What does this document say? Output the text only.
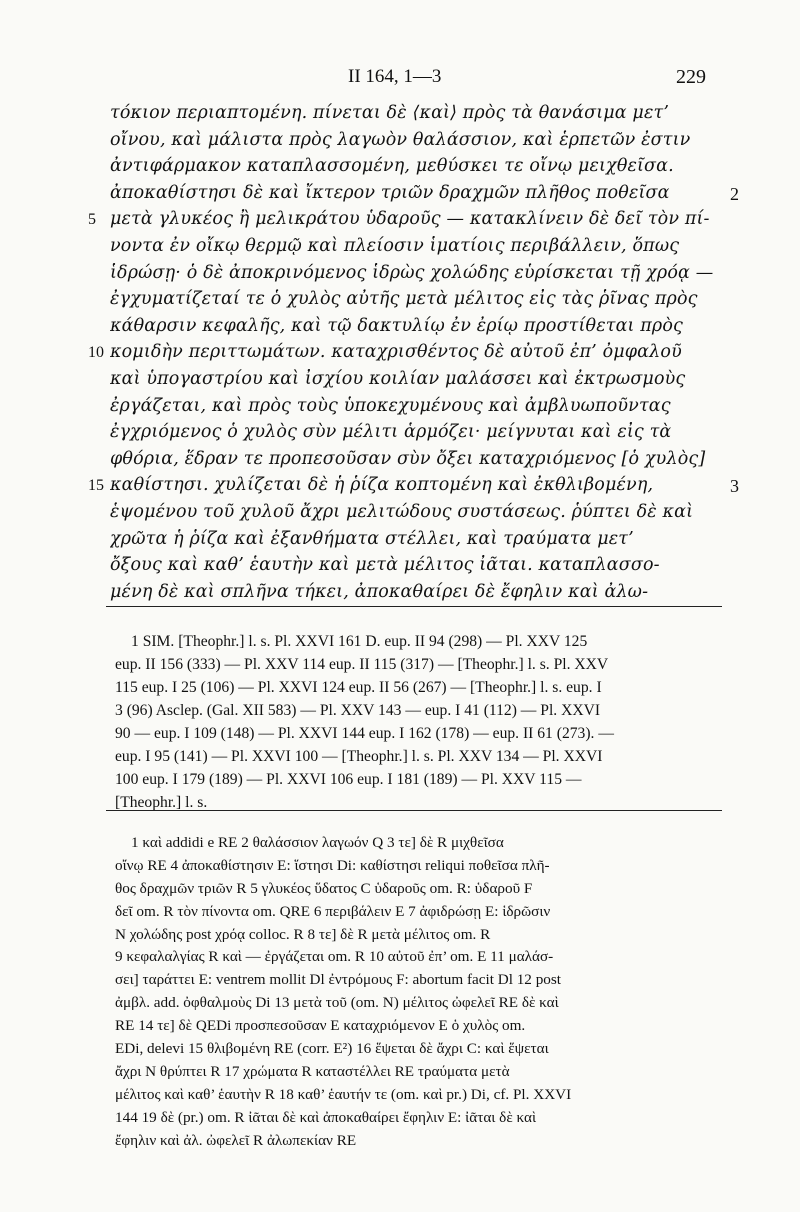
II 164, 1—3	229
τόκιον περιαπτομένη. πίνεται δὲ ⟨καὶ⟩ πρὸς τὰ θανάσιμα μετ’
οἴνου, καὶ μάλιστα πρὸς λαγωὸν θαλάσσιον, καὶ ἑρπετῶν ἐστιν
ἀντιφάρμακον καταπλασσομένη, μεθύσκει τε οἴνῳ μειχθεῖσα.
ἀποκαθίστησι δὲ καὶ ἴκτερον τριῶν δραχμῶν πλῆθος ποθεῖσα	2
5 μετὰ γλυκέος ἢ μελικράτου ὑδαροῦς — κατακλίνειν δὲ δεῖ τὸν πί-
νοντα ἐν οἴκῳ θερμῷ καὶ πλείοσιν ἱματίοις περιβάλλειν, ὅπως
ἱδρώσῃ· ὁ δὲ ἀποκρινόμενος ἱδρὼς χολώδης εὑρίσκεται τῇ χρόᾳ —
ἐγχυματίζεταί τε ὁ χυλὸς αὐτῆς μετὰ μέλιτος εἰς τὰς ῥῖνας πρὸς
κάθαρσιν κεφαλῆς, καὶ τῷ δακτυλίῳ ἐν ἐρίῳ προστίθεται πρὸς
10 κομιδὴν περιττωμάτων. καταχρισθέντος δὲ αὐτοῦ ἐπ’ ὀμφαλοῦ
καὶ ὑπογαστρίου καὶ ἰσχίου κοιλίαν μαλάσσει καὶ ἐκτρωσμοὺς
ἐργάζεται, καὶ πρὸς τοὺς ὑποκεχυμένους καὶ ἀμβλυωποῦντας
ἐγχριόμενος ὁ χυλὸς σὺν μέλιτι ἁρμόζει· μείγνυται καὶ εἰς τὰ
φθόρια, ἕδραν τε προπεσοῦσαν σὺν ὄξει καταχριόμενος [ὁ χυλὸς]
15 καθίστησι. χυλίζεται δὲ ἡ ῥίζα κοπτομένη καὶ ἐκθλιβομένη,	3
ἑψομένου τοῦ χυλοῦ ἄχρι μελιτώδους συστάσεως. ῥύπτει δὲ καὶ
χρῶτα ἡ ῥίζα καὶ ἐξανθήματα στέλλει, καὶ τραύματα μετ’
ὄξους καὶ καθ’ ἑαυτὴν καὶ μετὰ μέλιτος ἰᾶται. καταπλασσο-
μένη δὲ καὶ σπλῆνα τήκει, ἀποκαθαίρει δὲ ἔφηλιν καὶ ἀλω-
1 SIM. [Theophr.] l. s. Pl. XXVI 161 D. eup. II 94 (298) — Pl. XXV 125
eup. II 156 (333) — Pl. XXV 114 eup. II 115 (317) — [Theophr.] l. s. Pl. XXV
115 eup. I 25 (106) — Pl. XXVI 124 eup. II 56 (267) — [Theophr.] l. s. eup. I
3 (96) Asclep. (Gal. XII 583) — Pl. XXV 143 — eup. I 41 (112) — Pl. XXVI
90 — eup. I 109 (148) — Pl. XXVI 144 eup. I 162 (178) — eup. II 61 (273). —
eup. I 95 (141) — Pl. XXVI 100 — [Theophr.] l. s. Pl. XXV 134 — Pl. XXVI
100 eup. I 179 (189) — Pl. XXVI 106 eup. I 181 (189) — Pl. XXV 115 —
[Theophr.] l. s.
1 καὶ addidi e RE 2 θαλάσσιον λαγωόν Q 3 τε] δὲ R μιχθεῖσα
οἴνῳ RE 4 ἀποκαθίστησιν E: ἵστησι Di: καθίστησι reliqui ποθεῖσα πλῆ-
θος δραχμῶν τριῶν R 5 γλυκέος ὕδατος C ὑδαροῦς om. R: ὑδαροῦ F
δεῖ om. R τὸν πίνοντα om. QRE 6 περιβάλειν E 7 ἀφιδρώσῃ E: ἱδρῶσιν
N χολώδης post χρόᾳ colloc. R 8 τε] δὲ R μετὰ μέλιτος om. R
9 κεφαλαλγίας R καὶ — ἐργάζεται om. R 10 αὐτοῦ ἐπ’ om. E 11 μαλάσ-
σει] ταράττει E: ventrem mollit Dl ἐντρόμους F: abortum facit Dl 12 post
ἀμβλ. add. ὀφθαλμοὺς Di 13 μετὰ τοῦ (om. N) μέλιτος ὠφελεῖ RE δὲ καὶ
RE 14 τε] δὲ QEDi προσπεσοῦσαν E καταχριόμενον E ὁ χυλὸς om.
EDi, delevi 15 θλιβομένη RE (corr. E²) 16 ἕψεται δὲ ἄχρι C: καὶ ἕψεται
ἄχρι N θρύπτει R 17 χρώματα R καταστέλλει RE τραύματα μετὰ
μέλιτος καὶ καθ’ ἑαυτὴν R 18 καθ’ ἑαυτήν τε (om. καὶ pr.) Di, cf. Pl. XXVI
144 19 δὲ (pr.) om. R ἰᾶται δὲ καὶ ἀποκαθαίρει ἔφηλιν E: ἰᾶται δὲ καὶ
ἔφηλιν καὶ ἀλ. ὠφελεῖ R ἀλωπεκίαν RE
